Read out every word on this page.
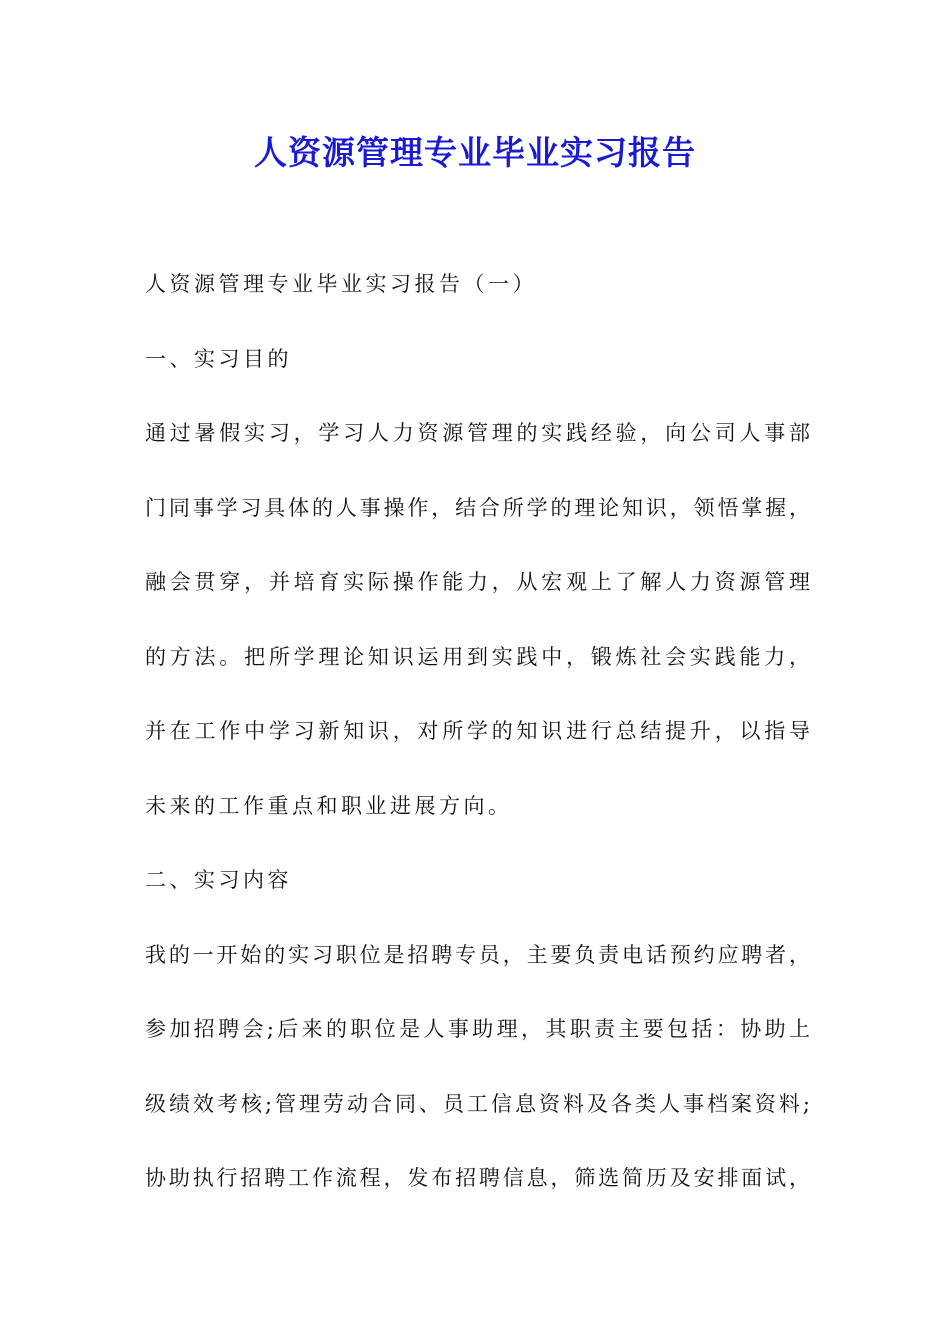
人资源管理专业毕业实习报告
人资源管理专业毕业实习报告（一）
一、实习目的
通过暑假实习，学习人力资源管理的实践经验，向公司人事部
门同事学习具体的人事操作，结合所学的理论知识，领悟掌握，
融会贯穿，并培育实际操作能力，从宏观上了解人力资源管理
的方法。把所学理论知识运用到实践中，锻炼社会实践能力，
并在工作中学习新知识，对所学的知识进行总结提升，以指导
未来的工作重点和职业进展方向。
二、实习内容
我的一开始的实习职位是招聘专员，主要负责电话预约应聘者，
参加招聘会;后来的职位是人事助理，其职责主要包括：协助上
级绩效考核;管理劳动合同、员工信息资料及各类人事档案资料;
协助执行招聘工作流程，发布招聘信息，筛选简历及安排面试，
